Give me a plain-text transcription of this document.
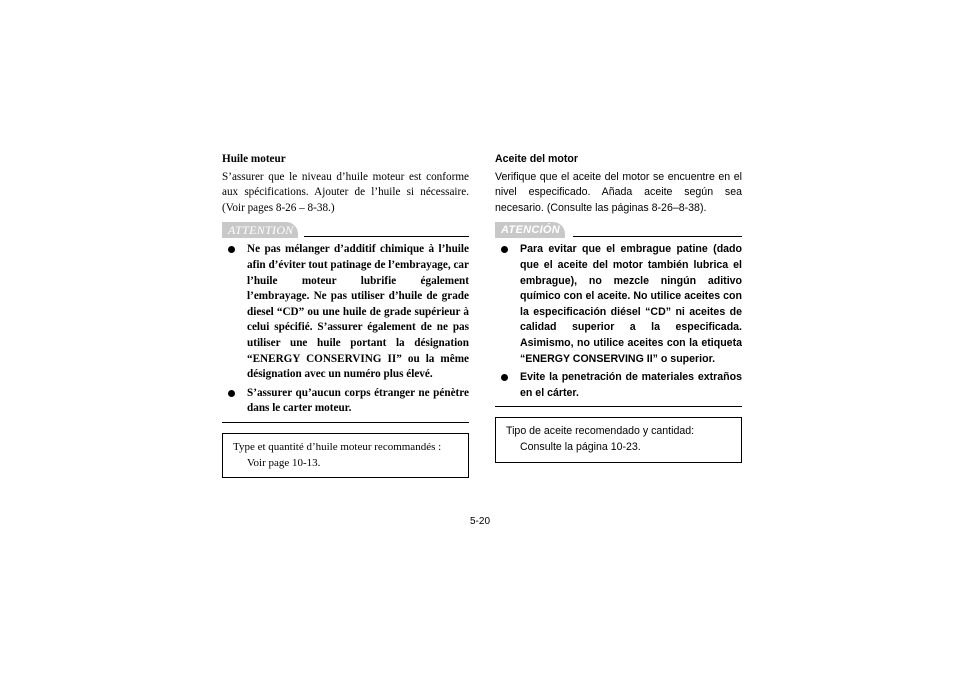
Huile moteur
S’assurer que le niveau d’huile moteur est conforme aux spécifications. Ajouter de l’huile si nécessaire. (Voir pages 8-26 – 8-38.)
ATTENTION
Ne pas mélanger d’additif chimique à l’huile afin d’éviter tout patinage de l’embrayage, car l’huile moteur lubrifie également l’embrayage. Ne pas utiliser d’huile de grade diesel “CD” ou une huile de grade supérieur à celui spécifié. S’assurer également de ne pas utiliser une huile portant la désignation “ENERGY CONSERVING II” ou la même désignation avec un numéro plus élevé.
S’assurer qu’aucun corps étranger ne pénètre dans le carter moteur.
Type et quantité d’huile moteur recommandés :
Voir page 10-13.
Aceite del motor
Verifique que el aceite del motor se encuentre en el nivel especificado. Añada aceite según sea necesario. (Consulte las páginas 8-26–8-38).
ATENCIÓN
Para evitar que el embrague patine (dado que el aceite del motor también lubrica el embrague), no mezcle ningún aditivo químico con el aceite. No utilice aceites con la especificación diésel “CD” ni aceites de calidad superior a la especificada. Asimismo, no utilice aceites con la etiqueta “ENERGY CONSERVING II” o superior.
Evite la penetración de materiales extraños en el cárter.
Tipo de aceite recomendado y cantidad:
Consulte la página 10-23.
5-20
